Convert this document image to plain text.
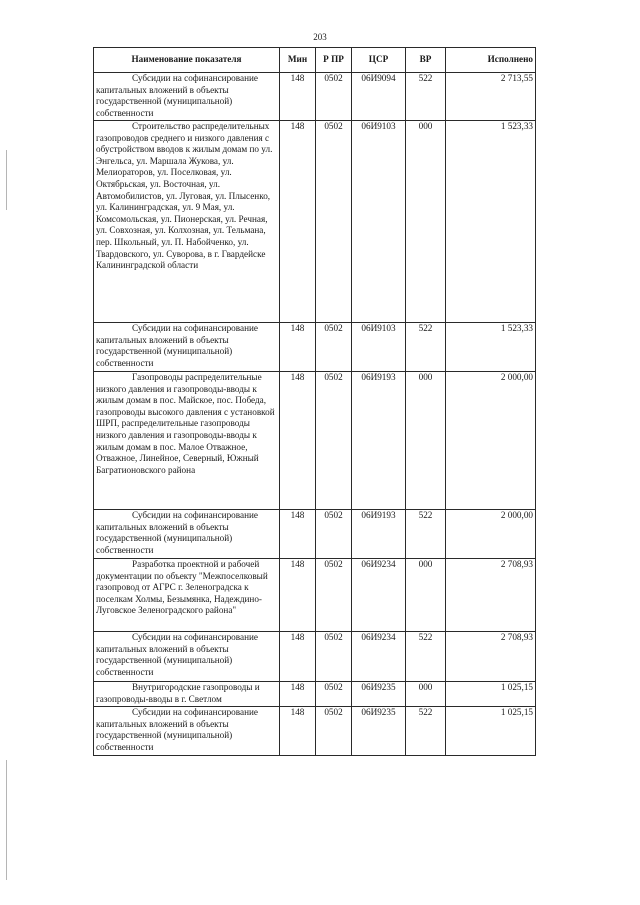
203
Наименование показателя	Мин	Р ПР	ЦСР	ВР	Исполнено
Субсидии на софинансирование капитальных вложений в объекты государственной (муниципальной) собственности	148	0502	06И9094	522	2 713,55
Строительство распределительных газопроводов среднего и низкого давления с обустройством вводов к жилым домам по ул. Энгельса, ул. Маршала Жукова, ул. Мелиораторов, ул. Поселковая, ул. Октябрьская, ул. Восточная, ул. Автомобилистов, ул. Луговая, ул. Плысенко, ул. Калининградская, ул. 9 Мая, ул. Комсомольская, ул. Пионерская, ул. Речная, ул. Совхозная, ул. Колхозная, ул. Тельмана, пер. Школьный, ул. П. Набойченко, ул. Твардовского, ул. Суворова, в г. Гвардейске Калининградской области	148	0502	06И9103	000	1 523,33
Субсидии на софинансирование капитальных вложений в объекты государственной (муниципальной) собственности	148	0502	06И9103	522	1 523,33
Газопроводы распределительные низкого давления и газопроводы-вводы к жилым домам в пос. Майское, пос. Победа, газопроводы высокого давления с установкой ШРП, распределительные газопроводы низкого давления и газопроводы-вводы к жилым домам в пос. Малое Отважное, Отважное, Линейное, Северный, Южный Багратионовского района	148	0502	06И9193	000	2 000,00
Субсидии на софинансирование капитальных вложений в объекты государственной (муниципальной) собственности	148	0502	06И9193	522	2 000,00
Разработка проектной и рабочей документации по объекту "Межпоселковый газопровод от АГРС г. Зеленоградска к поселкам Холмы, Безымянка, Надеждино-Луговское Зеленоградского района"	148	0502	06И9234	000	2 708,93
Субсидии на софинансирование капитальных вложений в объекты государственной (муниципальной) собственности	148	0502	06И9234	522	2 708,93
Внутригородские газопроводы и газопроводы-вводы в г. Светлом	148	0502	06И9235	000	1 025,15
Субсидии на софинансирование капитальных вложений в объекты государственной (муниципальной) собственности	148	0502	06И9235	522	1 025,15
